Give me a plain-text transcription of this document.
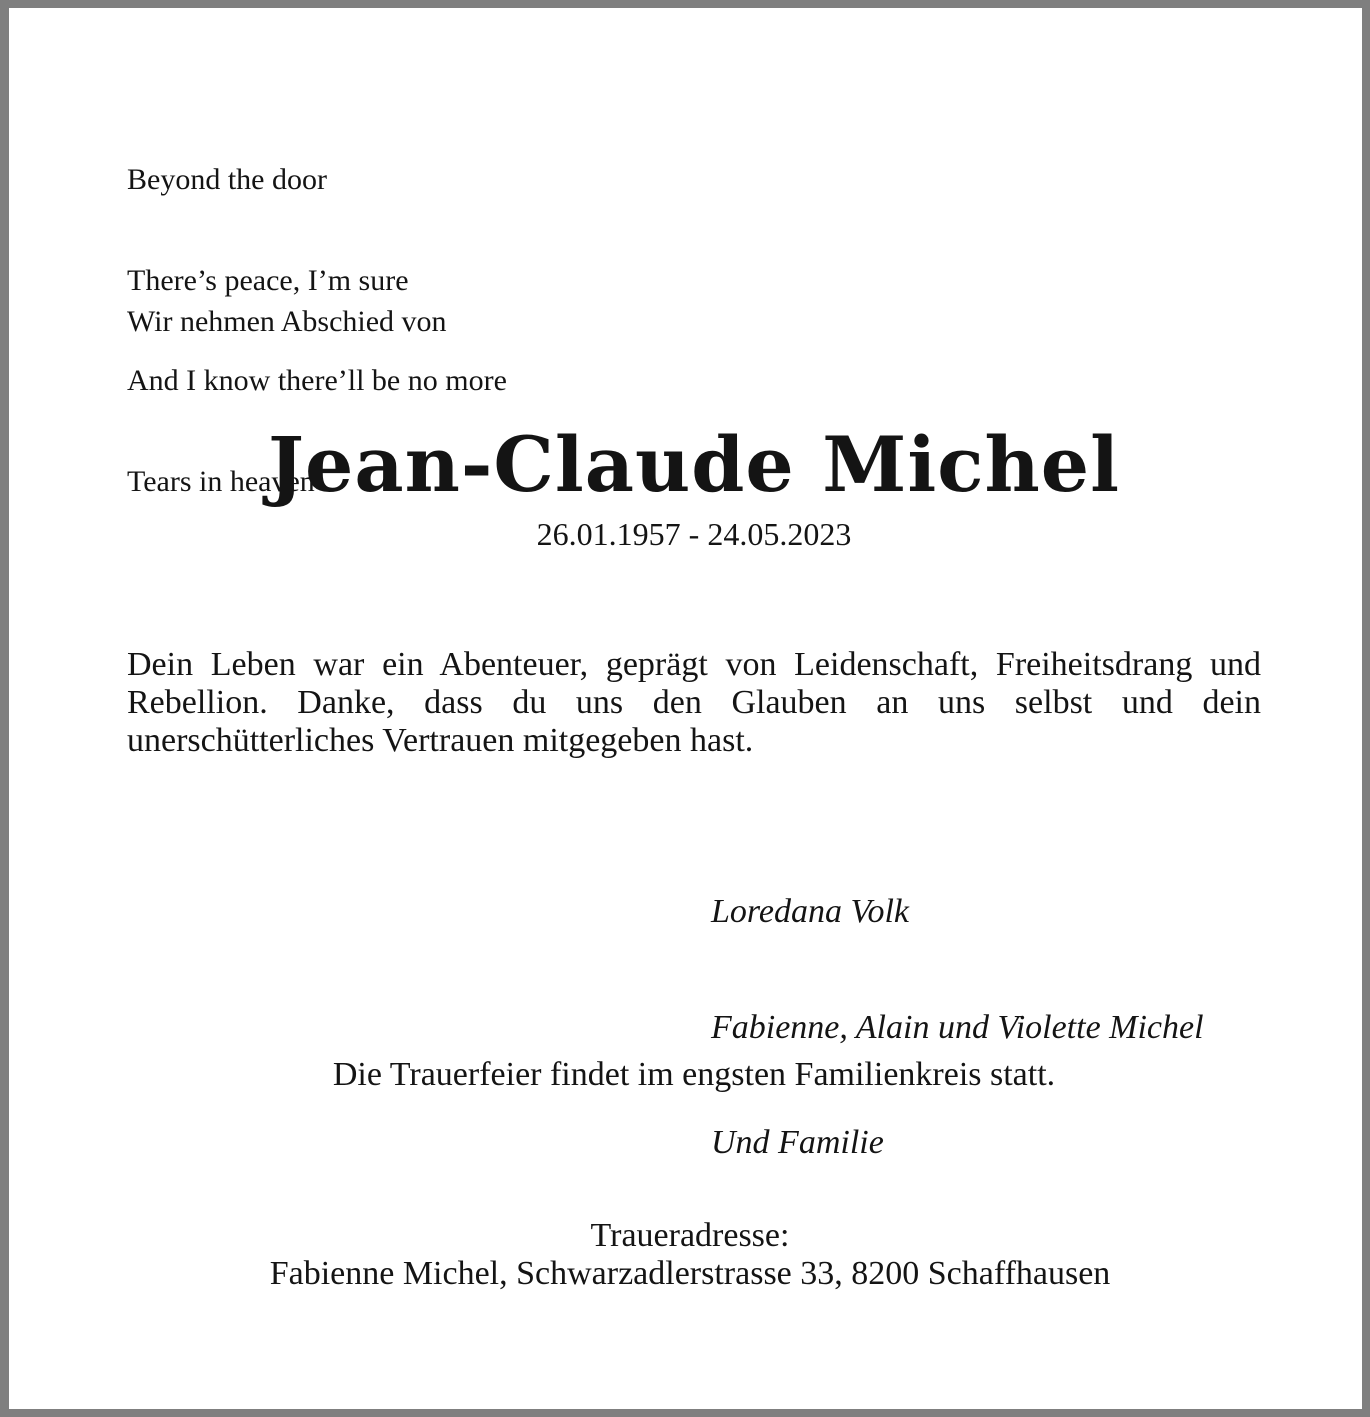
Beyond the door

There’s peace, I’m sure

And I know there’ll be no more

Tears in heaven

Wir nehmen Abschied von

Jean-Claude Michel

26.01.1957 - 24.05.2023

Dein Leben war ein Abenteuer, geprägt von Leidenschaft, Freiheitsdrang und Rebellion. Danke, dass du uns den Glauben an uns selbst und dein unerschütterliches Vertrauen mitgegeben hast.

Loredana Volk

Fabienne, Alain und Violette Michel

Und Familie

Die Trauerfeier findet im engsten Familienkreis statt.

Traueradresse:

Fabienne Michel, Schwarzadlerstrasse 33, 8200 Schaffhausen
